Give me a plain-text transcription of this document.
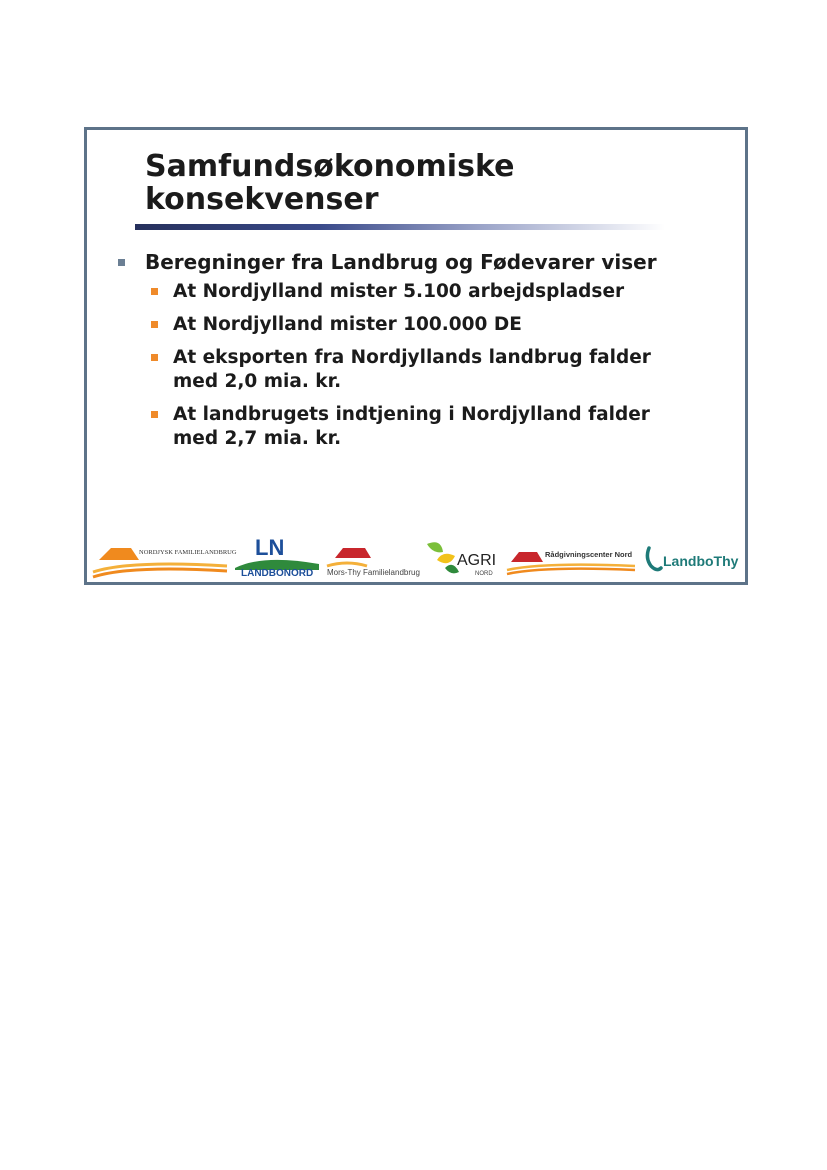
Samfundsøkonomiske
konsekvenser
Beregninger fra Landbrug og Fødevarer viser
At Nordjylland mister 5.100 arbejdspladser
At Nordjylland mister 100.000 DE
At eksporten fra Nordjyllands landbrug falder
med 2,0 mia. kr.
At landbrugets indtjening i Nordjylland falder
med 2,7 mia. kr.
NORDJYSK FAMILIELANDBRUG LN
LANDBONORD Mors-Thy Familielandbrug
AGRI
NORD
Rådgivningscenter Nord LandboThy
